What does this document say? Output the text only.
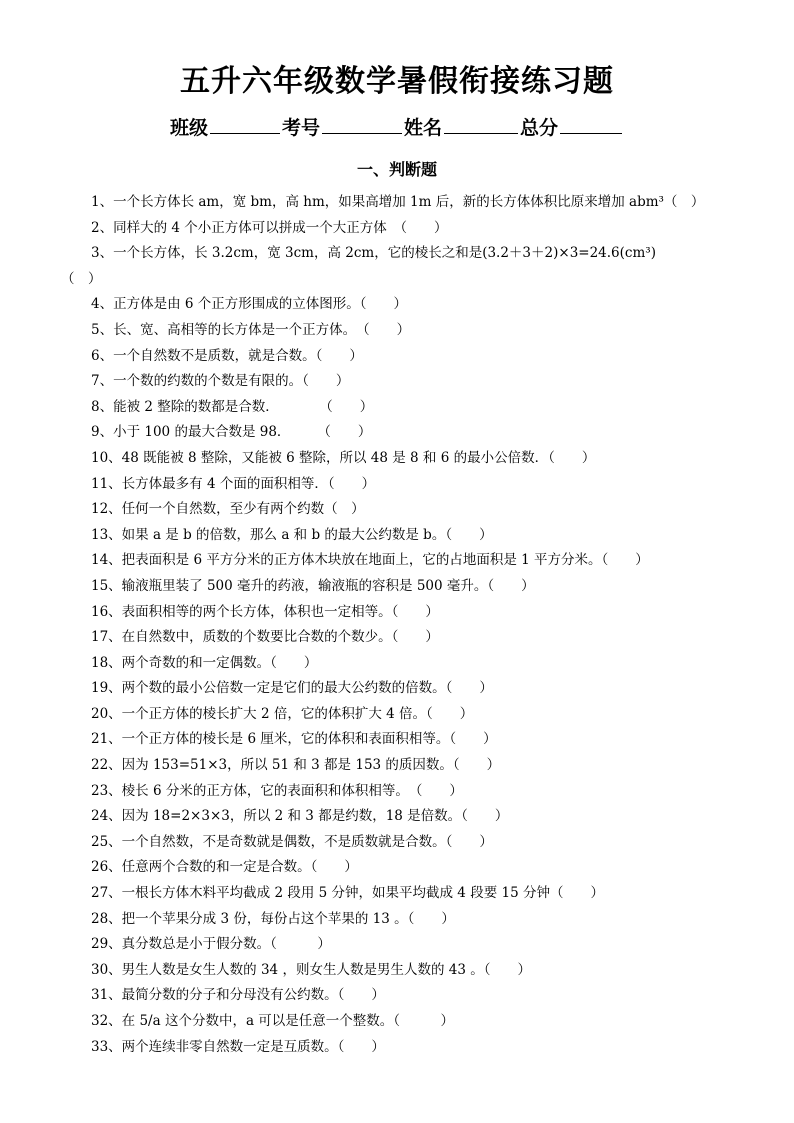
五升六年级数学暑假衔接练习题
班级	考号	姓名	总分
一、判断题
1、一个长方体长 am，宽 bm，高 hm，如果高增加 1m 后，新的长方体体积比原来增加 abm³（　）
2、同样大的 4 个小正方体可以拼成一个大正方体　（　　）
3、一个长方体，长 3.2cm，宽 3cm，高 2cm，它的棱长之和是(3.2＋3＋2)×3=24.6(cm³)
（　）
4、正方体是由 6 个正方形围成的立体图形。（　　）
5、长、宽、高相等的长方体是一个正方体。　（　　）
6、一个自然数不是质数，就是合数。（　　）
7、一个数的约数的个数是有限的。（　　）
8、能被 2 整除的数都是合数．　　　　（　　）
9、小于 100 的最大合数是 98．　　　（　　）
10、48 既能被 8 整除，又能被 6 整除，所以 48 是 8 和 6 的最小公倍数．（　　）
11、长方体最多有 4 个面的面积相等．（　　）
12、任何一个自然数，至少有两个约数（　）
13、如果 a 是 b 的倍数，那么 a 和 b 的最大公约数是 b。（　　）
14、把表面积是 6 平方分米的正方体木块放在地面上，它的占地面积是 1 平方分米。（　　）
15、输液瓶里装了 500 毫升的药液，输液瓶的容积是 500 毫升。（　　）
16、表面积相等的两个长方体，体积也一定相等。（　　）
17、在自然数中，质数的个数要比合数的个数少。（　　）
18、两个奇数的和一定偶数。（　　）
19、两个数的最小公倍数一定是它们的最大公约数的倍数。（　　）
20、一个正方体的棱长扩大 2 倍，它的体积扩大 4 倍。（　　）
21、一个正方体的棱长是 6 厘米，它的体积和表面积相等。（　　）
22、因为 153=51×3，所以 51 和 3 都是 153 的质因数。（　　）
23、棱长 6 分米的正方体，它的表面积和体积相等。　（　　）
24、因为 18=2×3×3，所以 2 和 3 都是约数，18 是倍数。（　　）
25、一个自然数，不是奇数就是偶数，不是质数就是合数。（　　）
26、任意两个合数的和一定是合数。（　　）
27、一根长方体木料平均截成 2 段用 5 分钟，如果平均截成 4 段要 15 分钟（　　）
28、把一个苹果分成 3 份，每份占这个苹果的 13 。（　　）
29、真分数总是小于假分数。（　　　）
30、男生人数是女生人数的 34 ，则女生人数是男生人数的 43 。（　　）
31、最简分数的分子和分母没有公约数。（　　）
32、在 5/a 这个分数中，a 可以是任意一个整数。（　　　）
33、两个连续非零自然数一定是互质数。（　　）
